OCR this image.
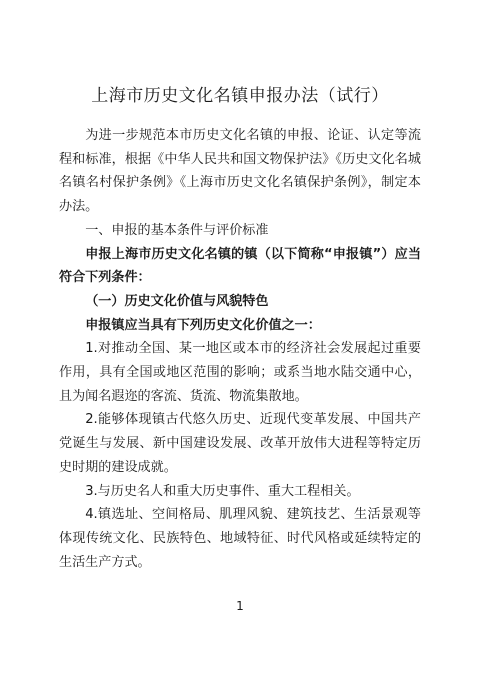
上海市历史文化名镇申报办法（试行）

为进一步规范本市历史文化名镇的申报、论证、认定等流程和标准，根据《中华人民共和国文物保护法》《历史文化名城名镇名村保护条例》《上海市历史文化名镇保护条例》，制定本办法。

一、申报的基本条件与评价标准

申报上海市历史文化名镇的镇（以下简称“申报镇”）应当符合下列条件：

（一）历史文化价值与风貌特色

申报镇应当具有下列历史文化价值之一：

1.对推动全国、某一地区或本市的经济社会发展起过重要作用，具有全国或地区范围的影响；或系当地水陆交通中心，且为闻名遐迩的客流、货流、物流集散地。

2.能够体现镇古代悠久历史、近现代变革发展、中国共产党诞生与发展、新中国建设发展、改革开放伟大进程等特定历史时期的建设成就。

3.与历史名人和重大历史事件、重大工程相关。

4.镇选址、空间格局、肌理风貌、建筑技艺、生活景观等体现传统文化、民族特色、地域特征、时代风格或延续特定的生活生产方式。

1
